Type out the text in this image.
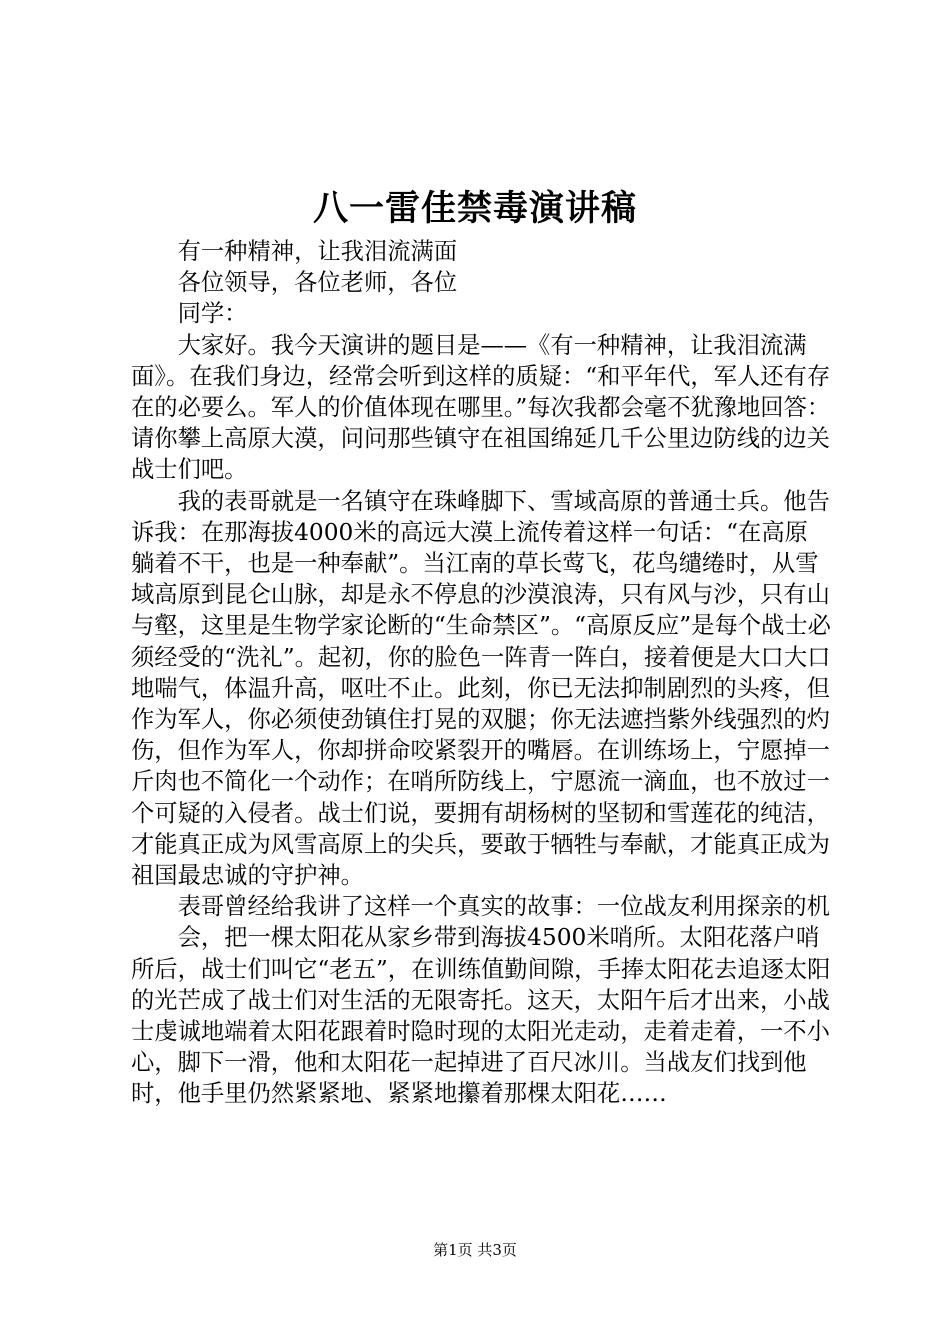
八一雷佳禁毒演讲稿

有一种精神，让我泪流满面

各位领导，各位老师，各位

同学：

大家好。我今天演讲的题目是——《有一种精神，让我泪流满面》。在我们身边，经常会听到这样的质疑：“和平年代，军人还有存在的必要么。军人的价值体现在哪里。”每次我都会毫不犹豫地回答：请你攀上高原大漠，问问那些镇守在祖国绵延几千公里边防线的边关战士们吧。

我的表哥就是一名镇守在珠峰脚下、雪域高原的普通士兵。他告诉我：在那海拔4000米的高远大漠上流传着这样一句话：“在高原躺着不干，也是一种奉献”。当江南的草长莺飞，花鸟缱绻时，从雪域高原到昆仑山脉，却是永不停息的沙漠浪涛，只有风与沙，只有山与壑，这里是生物学家论断的“生命禁区”。“高原反应”是每个战士必须经受的“洗礼”。起初，你的脸色一阵青一阵白，接着便是大口大口地喘气，体温升高，呕吐不止。此刻，你已无法抑制剧烈的头疼，但作为军人，你必须使劲镇住打晃的双腿；你无法遮挡紫外线强烈的灼伤，但作为军人，你却拼命咬紧裂开的嘴唇。在训练场上，宁愿掉一斤肉也不简化一个动作；在哨所防线上，宁愿流一滴血，也不放过一个可疑的入侵者。战士们说，要拥有胡杨树的坚韧和雪莲花的纯洁，才能真正成为风雪高原上的尖兵，要敢于牺牲与奉献，才能真正成为祖国最忠诚的守护神。

表哥曾经给我讲了这样一个真实的故事：一位战友利用探亲的机

会，把一棵太阳花从家乡带到海拔4500米哨所。太阳花落户哨所后，战士们叫它“老五”，在训练值勤间隙，手捧太阳花去追逐太阳的光芒成了战士们对生活的无限寄托。这天，太阳午后才出来，小战士虔诚地端着太阳花跟着时隐时现的太阳光走动，走着走着，一不小心，脚下一滑，他和太阳花一起掉进了百尺冰川。当战友们找到他时，他手里仍然紧紧地、紧紧地攥着那棵太阳花……

第1页 共3页
